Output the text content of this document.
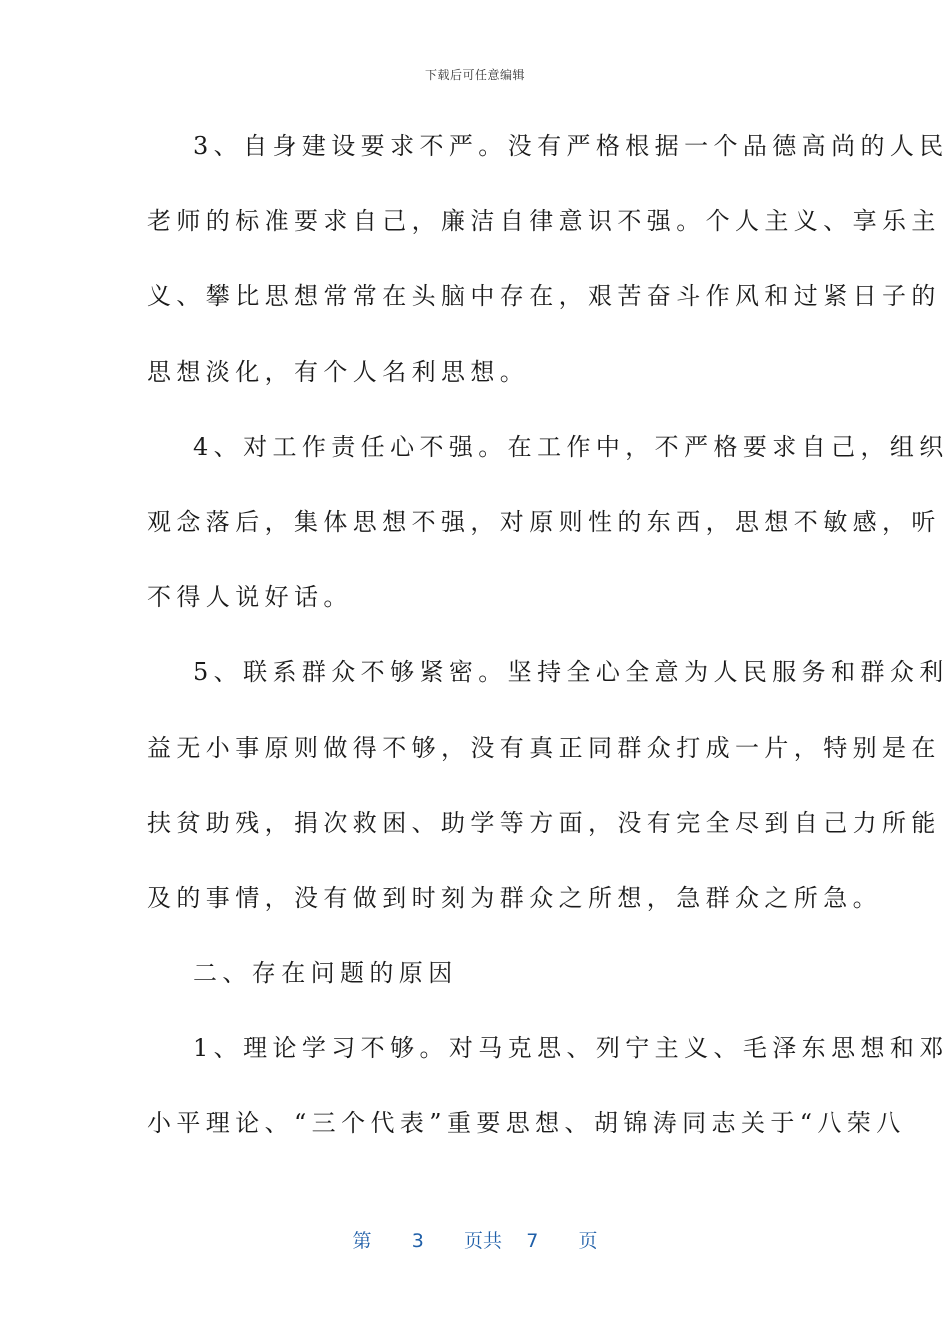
下载后可任意编辑
3、自身建设要求不严。没有严格根据一个品德高尚的人民
老师的标准要求自己，廉洁自律意识不强。个人主义、享乐主
义、攀比思想常常在头脑中存在，艰苦奋斗作风和过紧日子的
思想淡化，有个人名利思想。
4、对工作责任心不强。在工作中，不严格要求自己，组织
观念落后，集体思想不强，对原则性的东西，思想不敏感，听
不得人说好话。
5、联系群众不够紧密。坚持全心全意为人民服务和群众利
益无小事原则做得不够，没有真正同群众打成一片，特别是在
扶贫助残，捐次救困、助学等方面，没有完全尽到自己力所能
及的事情，没有做到时刻为群众之所想，急群众之所急。
二、存在问题的原因
1、理论学习不够。对马克思、列宁主义、毛泽东思想和邓
小平理论、“三个代表”重要思想、胡锦涛同志关于“八荣八
第 3 页共 7 页
